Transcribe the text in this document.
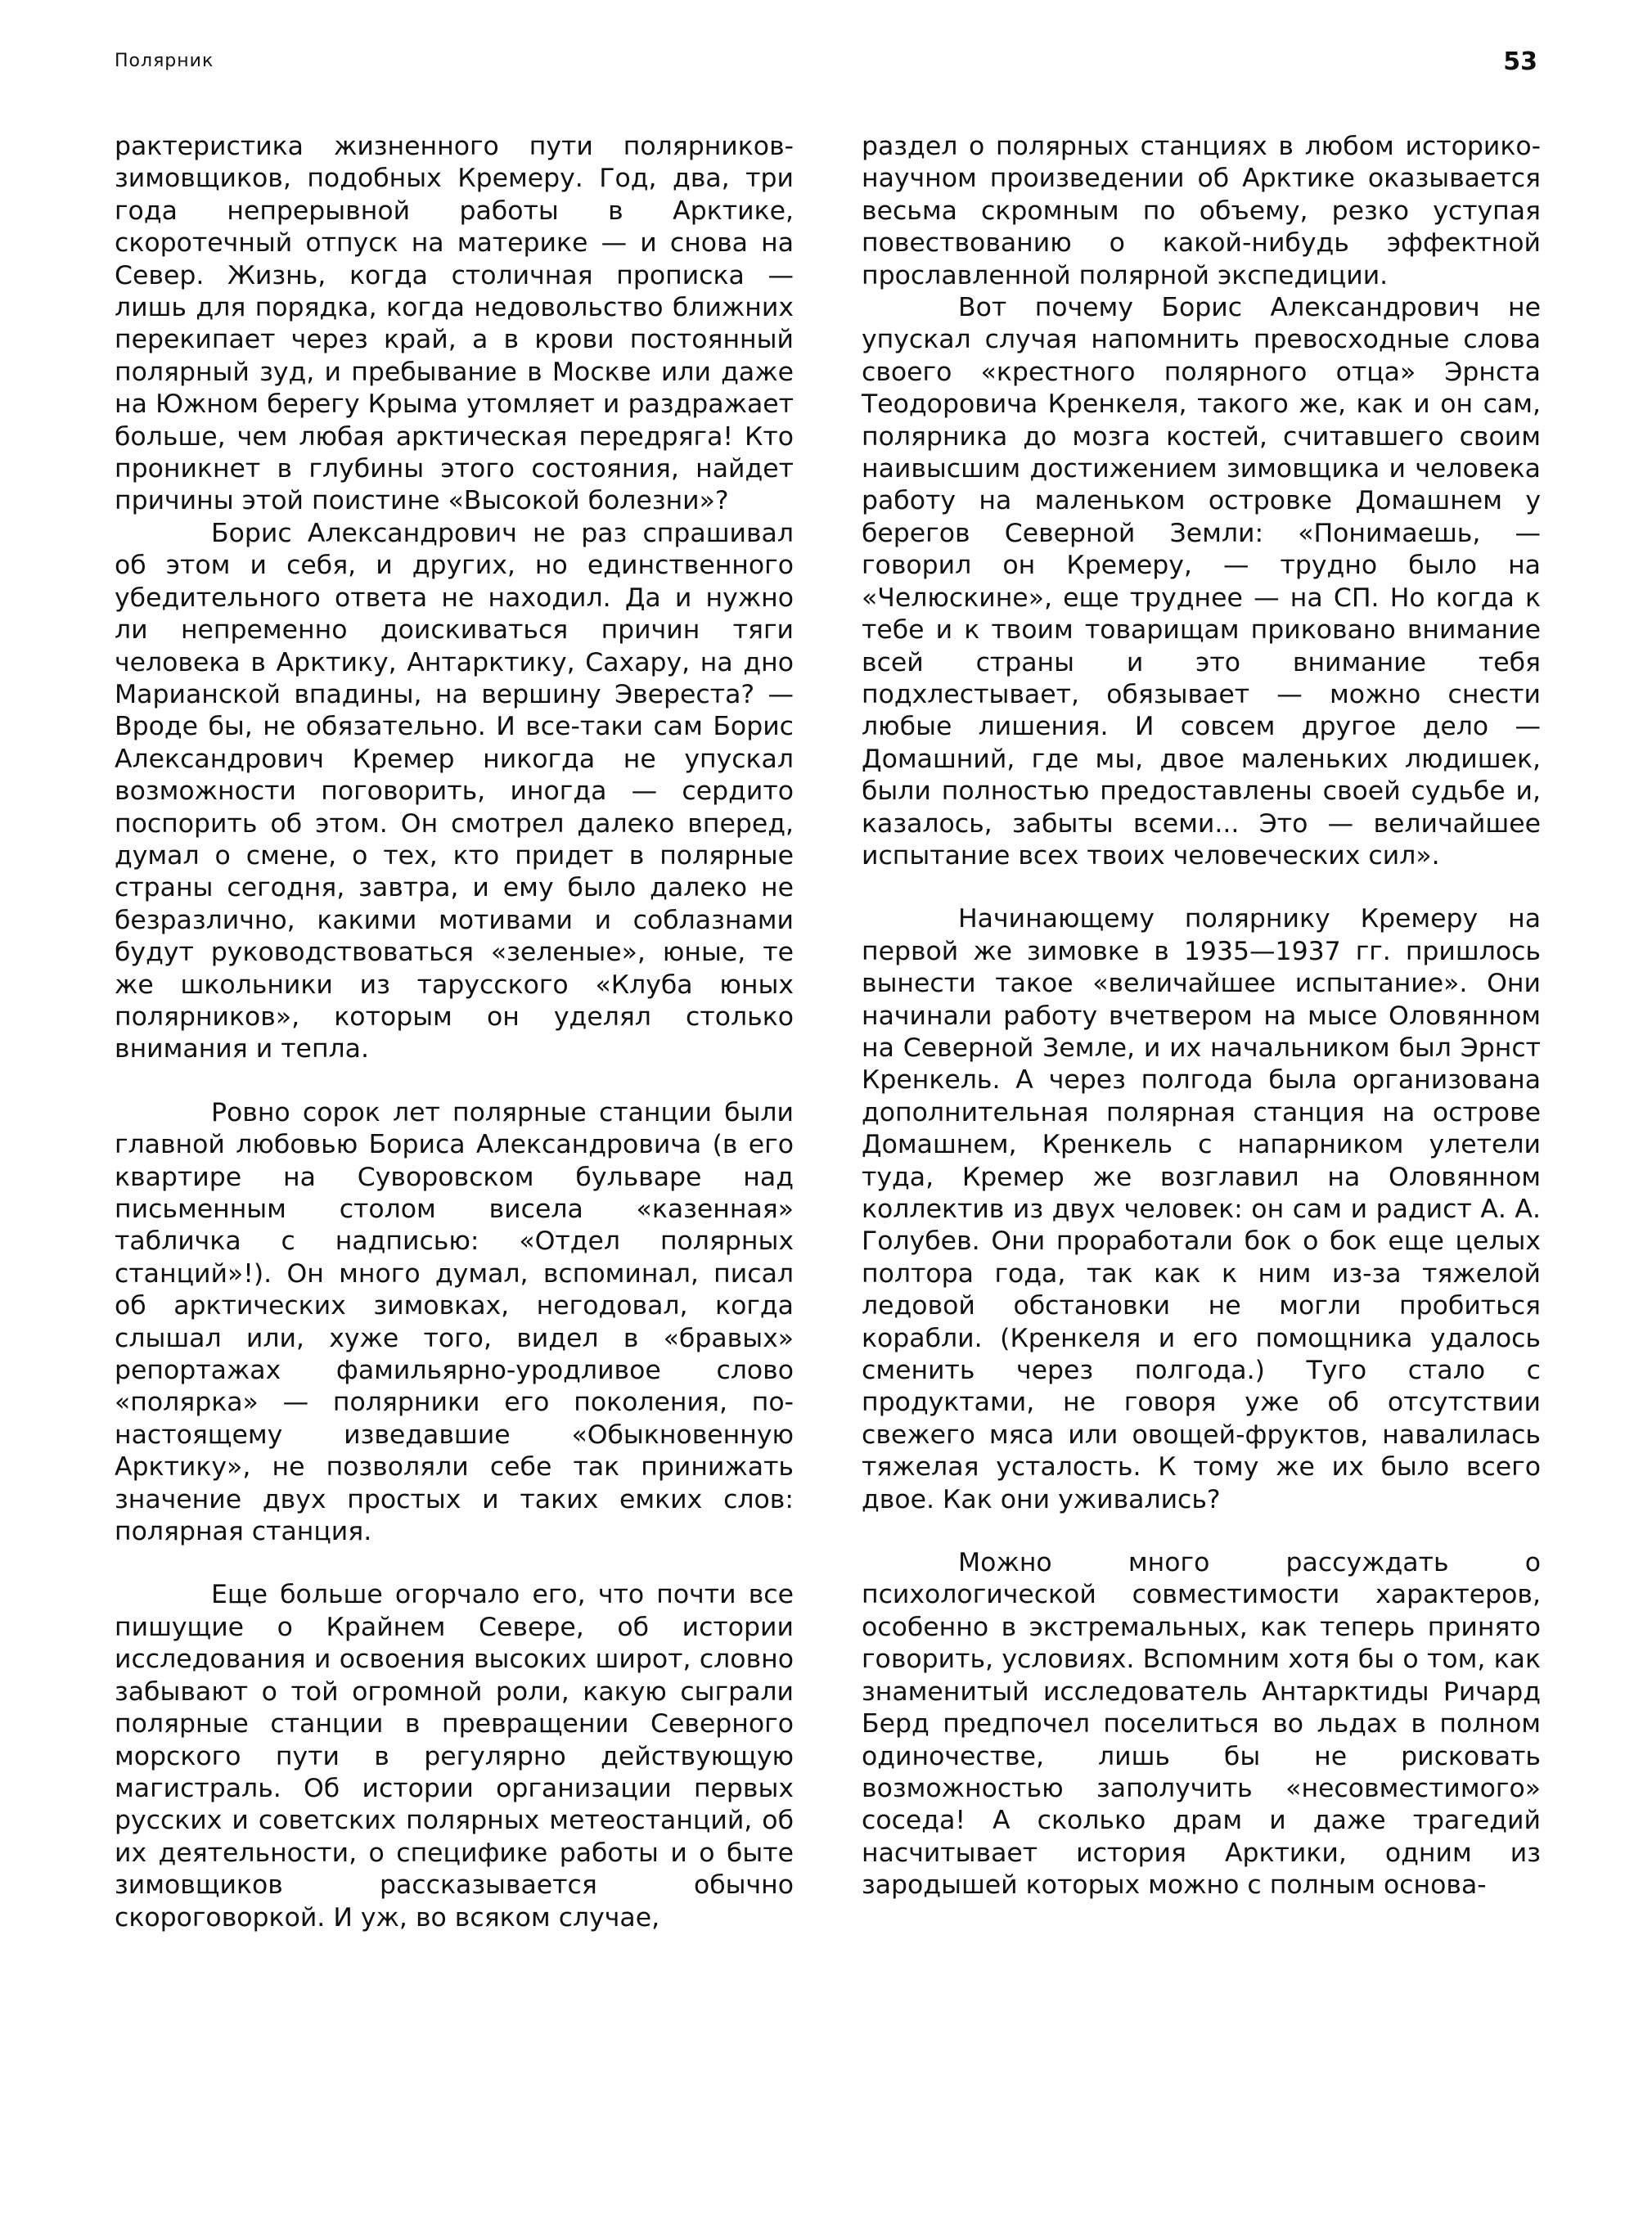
Полярник	53

рактеристика жизненного пути полярников-зимовщиков, подобных Кремеру. Год, два, три года непрерывной работы в Арктике, скоротечный отпуск на материке — и снова на Север. Жизнь, когда столичная прописка — лишь для порядка, когда недовольство ближних перекипает через край, а в крови постоянный полярный зуд, и пребывание в Москве или даже на Южном берегу Крыма утомляет и раздражает больше, чем любая арктическая передряга! Кто проникнет в глубины этого состояния, найдет причины этой поистине «Высокой болезни»?

Борис Александрович не раз спрашивал об этом и себя, и других, но единственного убедительного ответа не находил. Да и нужно ли непременно доискиваться причин тяги человека в Арктику, Антарктику, Сахару, на дно Марианской впадины, на вершину Эвереста? — Вроде бы, не обязательно. И все-таки сам Борис Александрович Кремер никогда не упускал возможности поговорить, иногда — сердито поспорить об этом. Он смотрел далеко вперед, думал о смене, о тех, кто придет в полярные страны сегодня, завтра, и ему было далеко не безразлично, какими мотивами и соблазнами будут руководствоваться «зеленые», юные, те же школьники из тарусского «Клуба юных полярников», которым он уделял столько внимания и тепла.

Ровно сорок лет полярные станции были главной любовью Бориса Александровича (в его квартире на Суворовском бульваре над письменным столом висела «казенная» табличка с надписью: «Отдел полярных станций»!). Он много думал, вспоминал, писал об арктических зимовках, негодовал, когда слышал или, хуже того, видел в «бравых» репортажах фамильярно-уродливое слово «полярка» — полярники его поколения, по-настоящему изведавшие «Обыкновенную Арктику», не позволяли себе так принижать значение двух простых и таких емких слов: полярная станция.

Еще больше огорчало его, что почти все пишущие о Крайнем Севере, об истории исследования и освоения высоких широт, словно забывают о той огромной роли, какую сыграли полярные станции в превращении Северного морского пути в регулярно действующую магистраль. Об истории организации первых русских и советских полярных метеостанций, об их деятельности, о специфике работы и о быте зимовщиков рассказывается обычно скороговоркой. И уж, во всяком случае,

раздел о полярных станциях в любом историко-научном произведении об Арктике оказывается весьма скромным по объему, резко уступая повествованию о какой-нибудь эффектной прославленной полярной экспедиции.

Вот почему Борис Александрович не упускал случая напомнить превосходные слова своего «крестного полярного отца» Эрнста Теодоровича Кренкеля, такого же, как и он сам, полярника до мозга костей, считавшего своим наивысшим достижением зимовщика и человека работу на маленьком островке Домашнем у берегов Северной Земли: «Понимаешь, — говорил он Кремеру, — трудно было на «Челюскине», еще труднее — на СП. Но когда к тебе и к твоим товарищам приковано внимание всей страны и это внимание тебя подхлестывает, обязывает — можно снести любые лишения. И совсем другое дело — Домашний, где мы, двое маленьких людишек, были полностью предоставлены своей судьбе и, казалось, забыты всеми... Это — величайшее испытание всех твоих человеческих сил».

Начинающему полярнику Кремеру на первой же зимовке в 1935—1937 гг. пришлось вынести такое «величайшее испытание». Они начинали работу вчетвером на мысе Оловянном на Северной Земле, и их начальником был Эрнст Кренкель. А через полгода была организована дополнительная полярная станция на острове Домашнем, Кренкель с напарником улетели туда, Кремер же возглавил на Оловянном коллектив из двух человек: он сам и радист А. А. Голубев. Они проработали бок о бок еще целых полтора года, так как к ним из-за тяжелой ледовой обстановки не могли пробиться корабли. (Кренкеля и его помощника удалось сменить через полгода.) Туго стало с продуктами, не говоря уже об отсутствии свежего мяса или овощей-фруктов, навалилась тяжелая усталость. К тому же их было всего двое. Как они уживались?

Можно много рассуждать о психологической совместимости характеров, особенно в экстремальных, как теперь принято говорить, условиях. Вспомним хотя бы о том, как знаменитый исследователь Антарктиды Ричард Берд предпочел поселиться во льдах в полном одиночестве, лишь бы не рисковать возможностью заполучить «несовместимого» соседа! А сколько драм и даже трагедий насчитывает история Арктики, одним из зародышей которых можно с полным основа-
